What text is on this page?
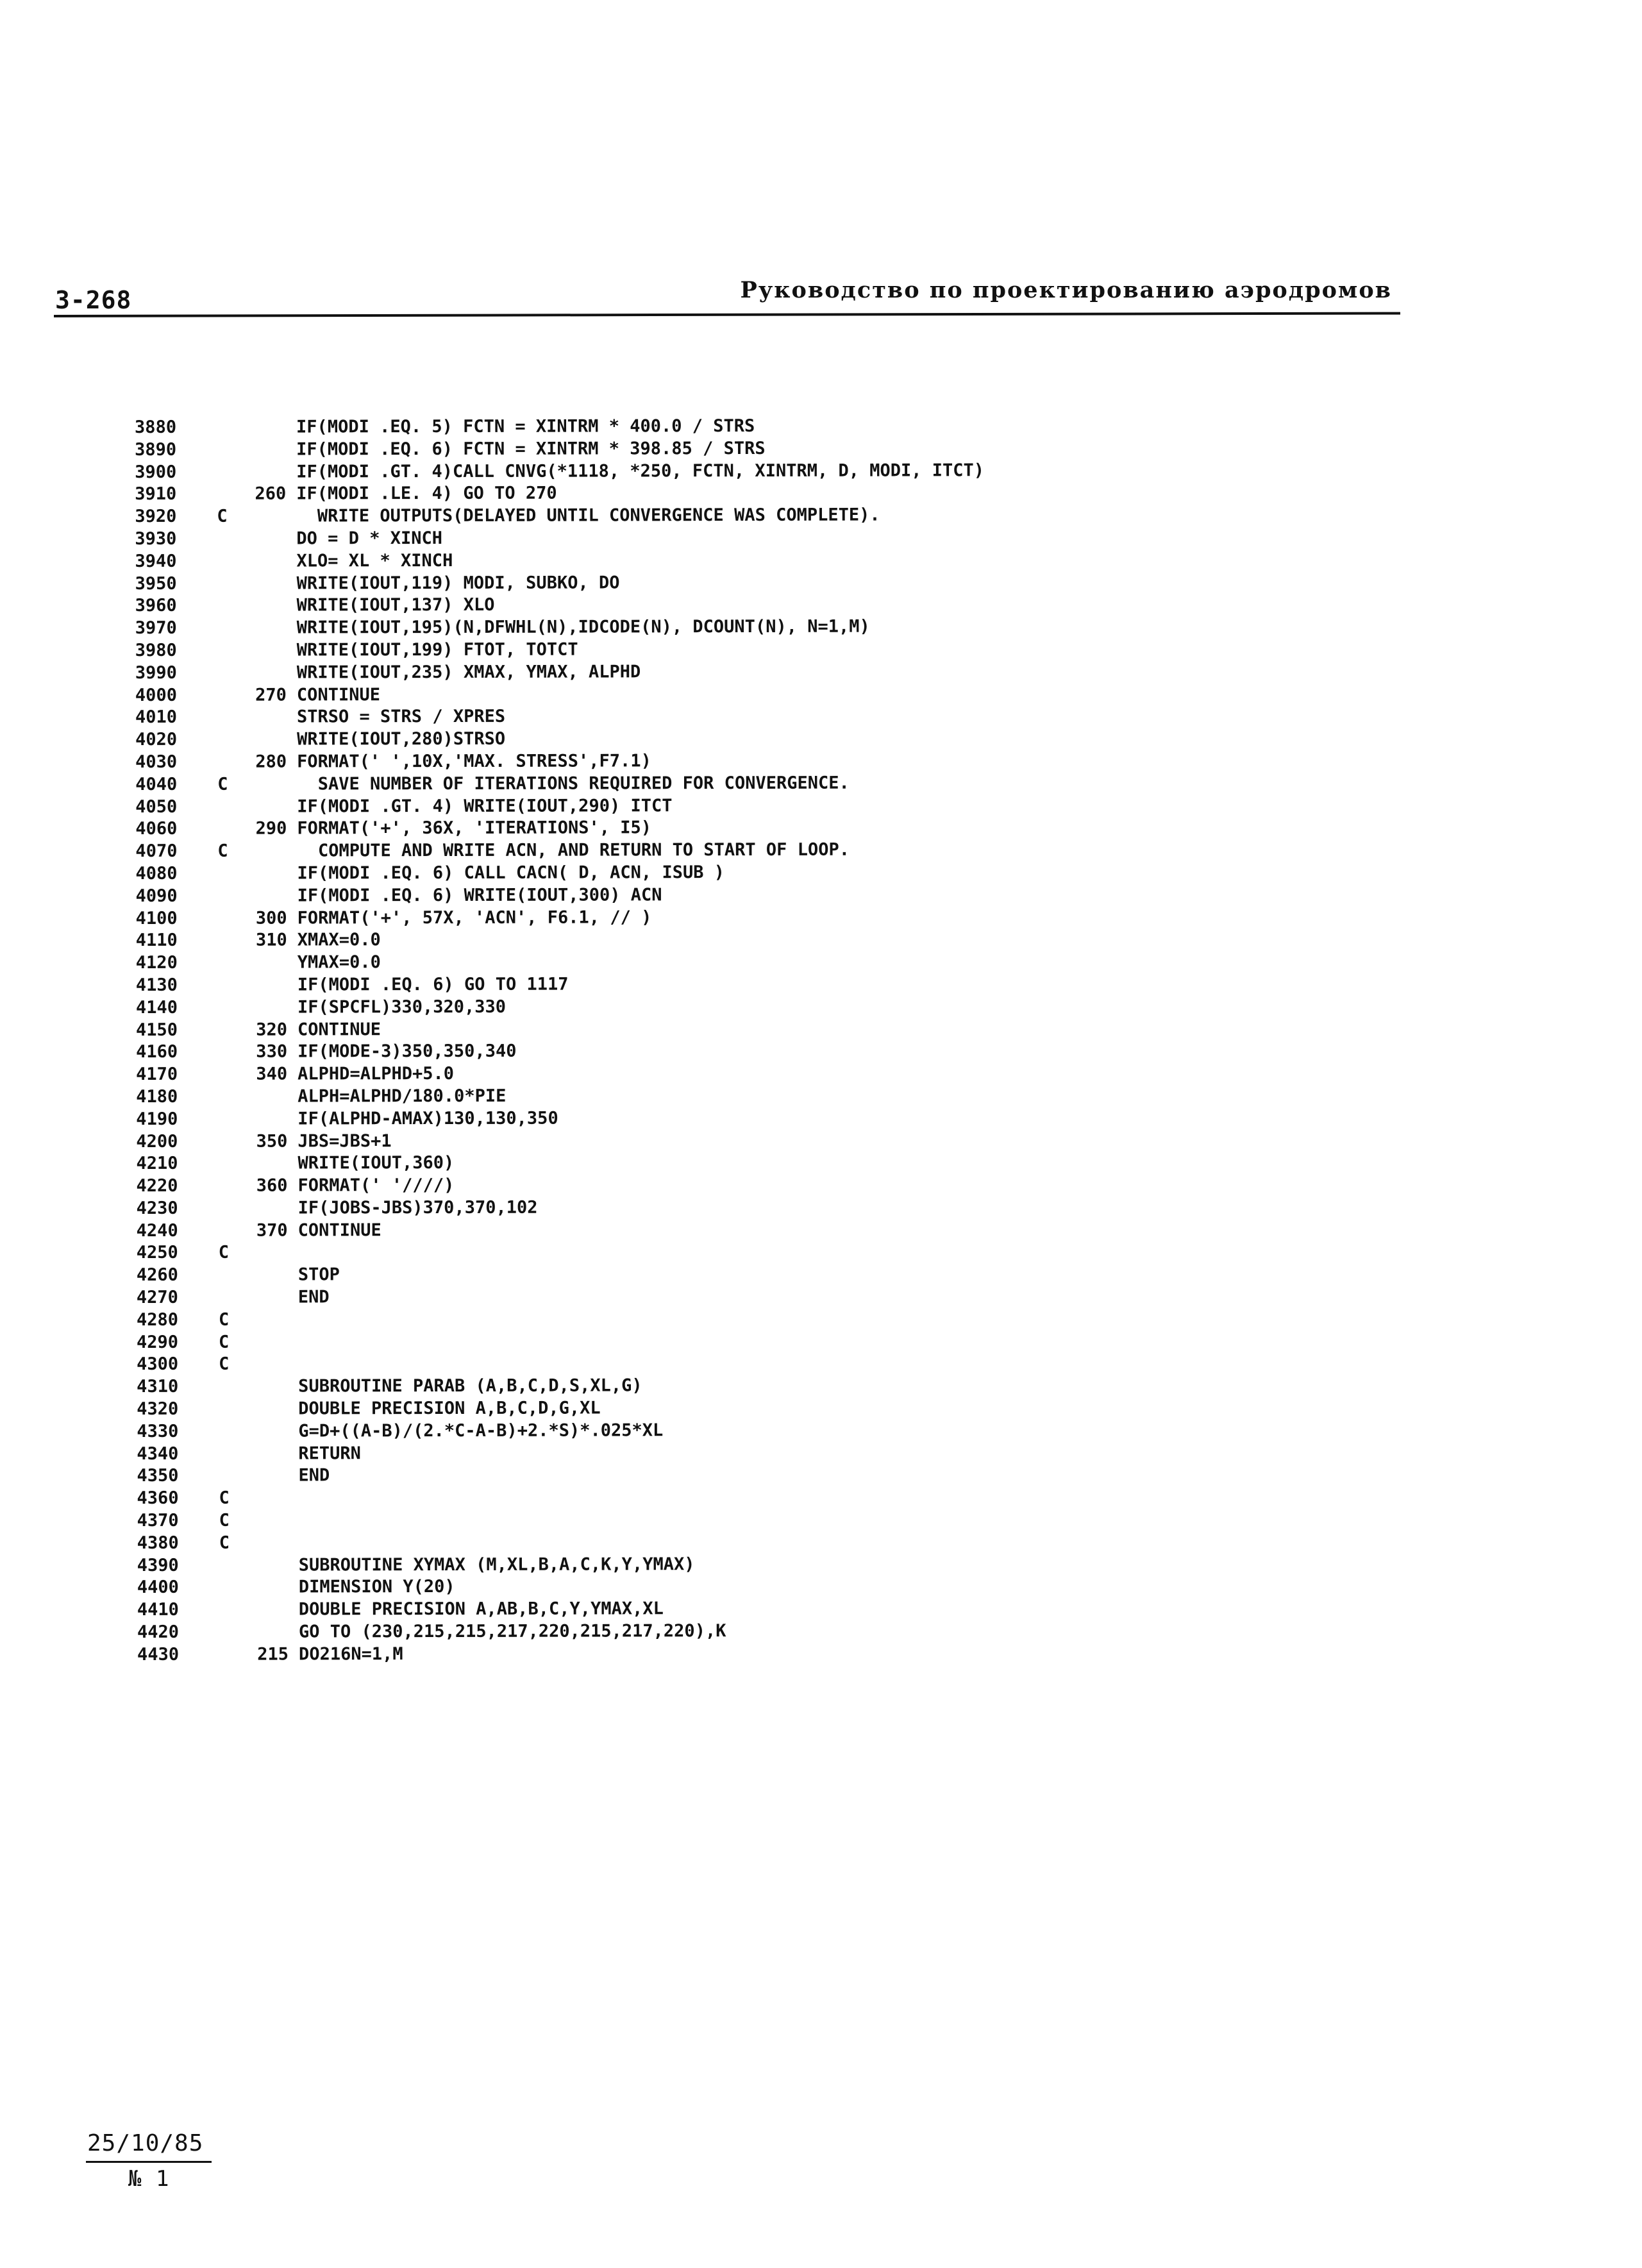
3-268	Руководство по проектированию аэродромов
3880	IF(MODI .EQ. 5) FCTN = XINTRM * 400.0 / STRS
3890	IF(MODI .EQ. 6) FCTN = XINTRM * 398.85 / STRS
3900	IF(MODI .GT. 4)CALL CNVG(*1118, *250, FCTN, XINTRM, D, MODI, ITCT)
3910	260 IF(MODI .LE. 4) GO TO 270
3920	C	WRITE OUTPUTS(DELAYED UNTIL CONVERGENCE WAS COMPLETE).
3930	DO = D * XINCH
3940	XLO= XL * XINCH
3950	WRITE(IOUT,119) MODI, SUBKO, DO
3960	WRITE(IOUT,137) XLO
3970	WRITE(IOUT,195)(N,DFWHL(N),IDCODE(N), DCOUNT(N), N=1,M)
3980	WRITE(IOUT,199) FTOT, TOTCT
3990	WRITE(IOUT,235) XMAX, YMAX, ALPHD
4000	270 CONTINUE
4010	STRSO = STRS / XPRES
4020	WRITE(IOUT,280)STRSO
4030	280 FORMAT(' ',10X,'MAX. STRESS',F7.1)
4040	C	SAVE NUMBER OF ITERATIONS REQUIRED FOR CONVERGENCE.
4050	IF(MODI .GT. 4) WRITE(IOUT,290) ITCT
4060	290 FORMAT('+', 36X, 'ITERATIONS', I5)
4070	C	COMPUTE AND WRITE ACN, AND RETURN TO START OF LOOP.
4080	IF(MODI .EQ. 6) CALL CACN( D, ACN, ISUB )
4090	IF(MODI .EQ. 6) WRITE(IOUT,300) ACN
4100	300 FORMAT('+', 57X, 'ACN', F6.1, // )
4110	310 XMAX=0.0
4120	YMAX=0.0
4130	IF(MODI .EQ. 6) GO TO 1117
4140	IF(SPCFL)330,320,330
4150	320 CONTINUE
4160	330 IF(MODE-3)350,350,340
4170	340 ALPHD=ALPHD+5.0
4180	ALPH=ALPHD/180.0*PIE
4190	IF(ALPHD-AMAX)130,130,350
4200	350 JBS=JBS+1
4210	WRITE(IOUT,360)
4220	360 FORMAT(' '////)
4230	IF(JOBS-JBS)370,370,102
4240	370 CONTINUE
4250	C
4260	STOP
4270	END
4280	C
4290	C
4300	C
4310	SUBROUTINE PARAB (A,B,C,D,S,XL,G)
4320	DOUBLE PRECISION A,B,C,D,G,XL
4330	G=D+((A-B)/(2.*C-A-B)+2.*S)*.025*XL
4340	RETURN
4350	END
4360	C
4370	C
4380	C
4390	SUBROUTINE XYMAX (M,XL,B,A,C,K,Y,YMAX)
4400	DIMENSION Y(20)
4410	DOUBLE PRECISION A,AB,B,C,Y,YMAX,XL
4420	GO TO (230,215,215,217,220,215,217,220),K
4430	215 DO216N=1,M
25/10/85
№ 1
